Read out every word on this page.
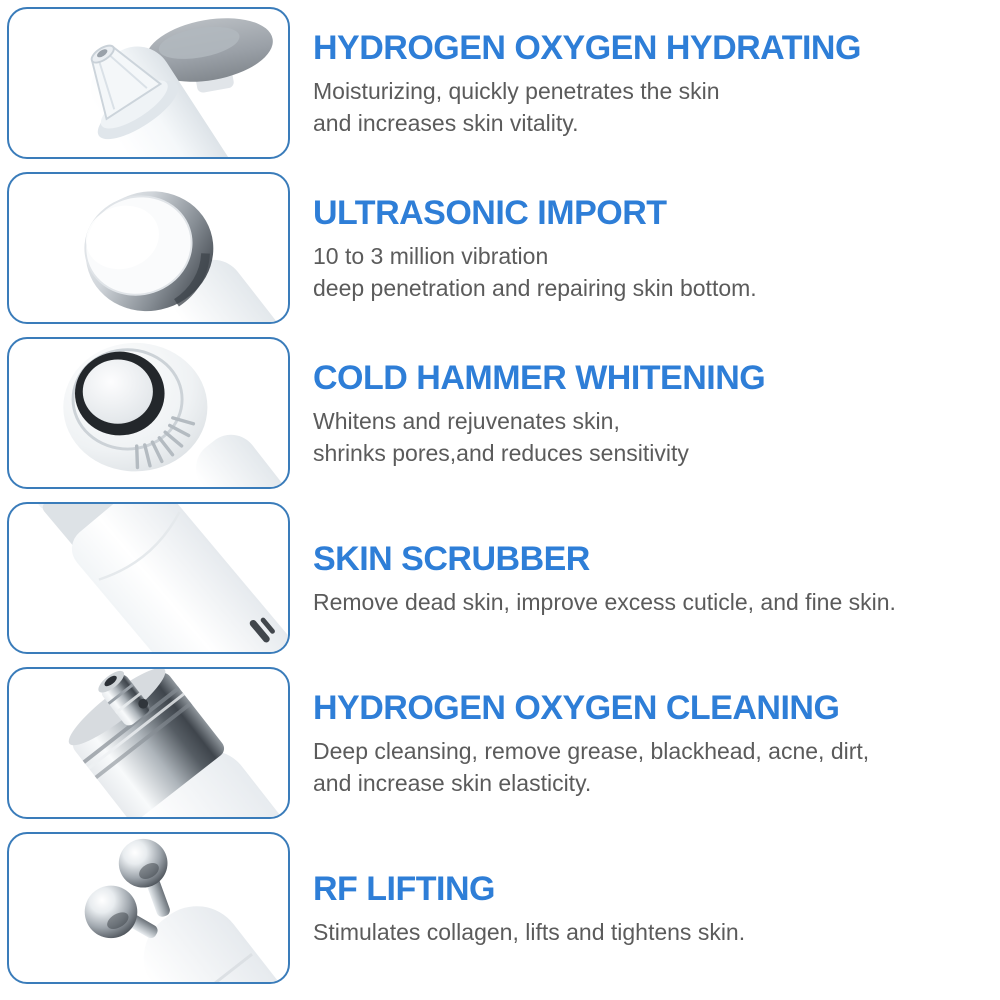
HYDROGEN OXYGEN HYDRATING
Moisturizing, quickly penetrates the skin
and increases skin vitality.
ULTRASONIC IMPORT
10 to 3 million vibration
deep penetration and repairing skin bottom.
COLD HAMMER WHITENING
Whitens and rejuvenates skin,
shrinks pores,and reduces sensitivity
SKIN SCRUBBER
Remove dead skin, improve excess cuticle, and fine skin.
HYDROGEN OXYGEN CLEANING
Deep cleansing, remove grease, blackhead, acne, dirt,
and increase skin elasticity.
RF LIFTING
Stimulates collagen, lifts and tightens skin.
